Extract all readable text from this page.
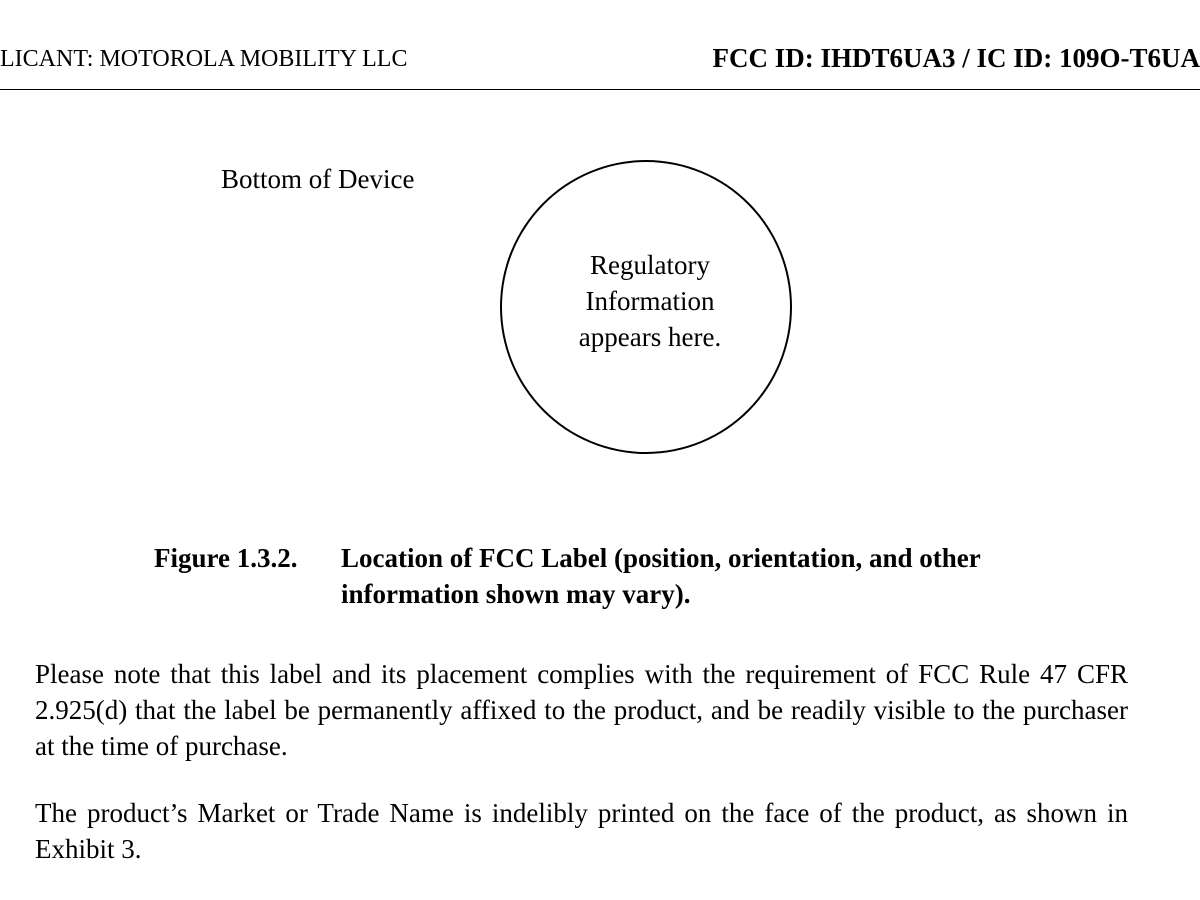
LICANT: MOTOROLA MOBILITY LLC	FCC ID: IHDT6UA3 / IC ID: 109O-T6UA
Bottom of Device
Regulatory
Information
appears here.
Figure 1.3.2. Location of FCC Label (position, orientation, and other information shown may vary).
Please note that this label and its placement complies with the requirement of FCC Rule 47 CFR 2.925(d) that the label be permanently affixed to the product, and be readily visible to the purchaser at the time of purchase.
The product’s Market or Trade Name is indelibly printed on the face of the product, as shown in Exhibit 3.
